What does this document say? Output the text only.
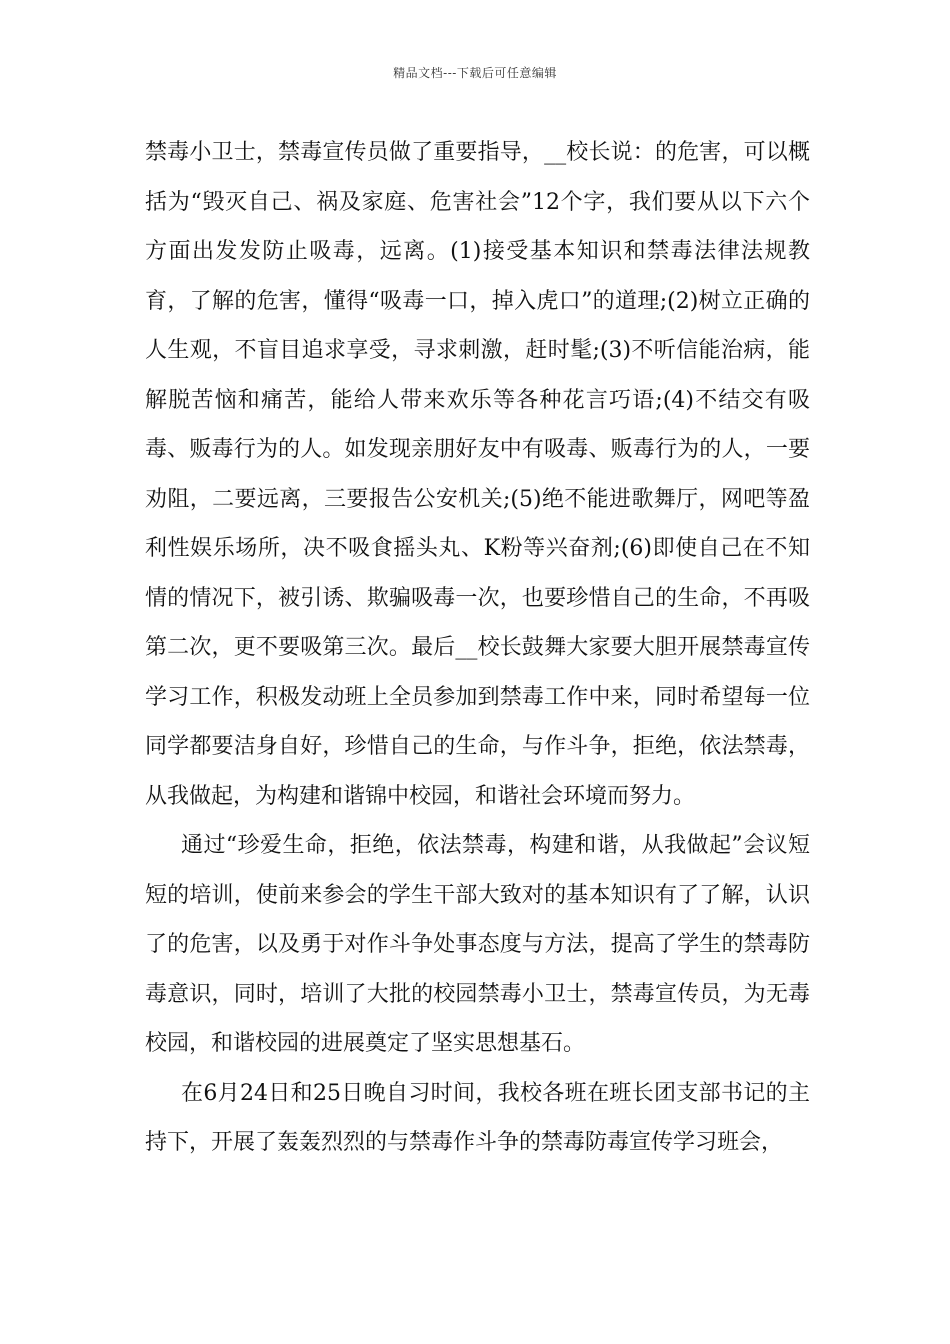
精品文档---下载后可任意编辑

禁毒小卫士，禁毒宣传员做了重要指导，__校长说：的危害，可以概括为“毁灭自己、祸及家庭、危害社会”12个字，我们要从以下六个方面出发发防止吸毒，远离。(1)接受基本知识和禁毒法律法规教育，了解的危害，懂得“吸毒一口，掉入虎口”的道理;(2)树立正确的人生观，不盲目追求享受，寻求刺激，赶时髦;(3)不听信能治病，能解脱苦恼和痛苦，能给人带来欢乐等各种花言巧语;(4)不结交有吸毒、贩毒行为的人。如发现亲朋好友中有吸毒、贩毒行为的人，一要劝阻，二要远离，三要报告公安机关;(5)绝不能进歌舞厅，网吧等盈利性娱乐场所，决不吸食摇头丸、K粉等兴奋剂;(6)即使自己在不知情的情况下，被引诱、欺骗吸毒一次，也要珍惜自己的生命，不再吸第二次，更不要吸第三次。最后__校长鼓舞大家要大胆开展禁毒宣传学习工作，积极发动班上全员参加到禁毒工作中来，同时希望每一位同学都要洁身自好，珍惜自己的生命，与作斗争，拒绝，依法禁毒，从我做起，为构建和谐锦中校园，和谐社会环境而努力。

通过“珍爱生命，拒绝，依法禁毒，构建和谐，从我做起”会议短短的培训，使前来参会的学生干部大致对的基本知识有了了解，认识了的危害，以及勇于对作斗争处事态度与方法，提高了学生的禁毒防毒意识，同时，培训了大批的校园禁毒小卫士，禁毒宣传员，为无毒校园，和谐校园的进展奠定了坚实思想基石。

在6月24日和25日晚自习时间，我校各班在班长团支部书记的主持下，开展了轰轰烈烈的与禁毒作斗争的禁毒防毒宣传学习班会，
